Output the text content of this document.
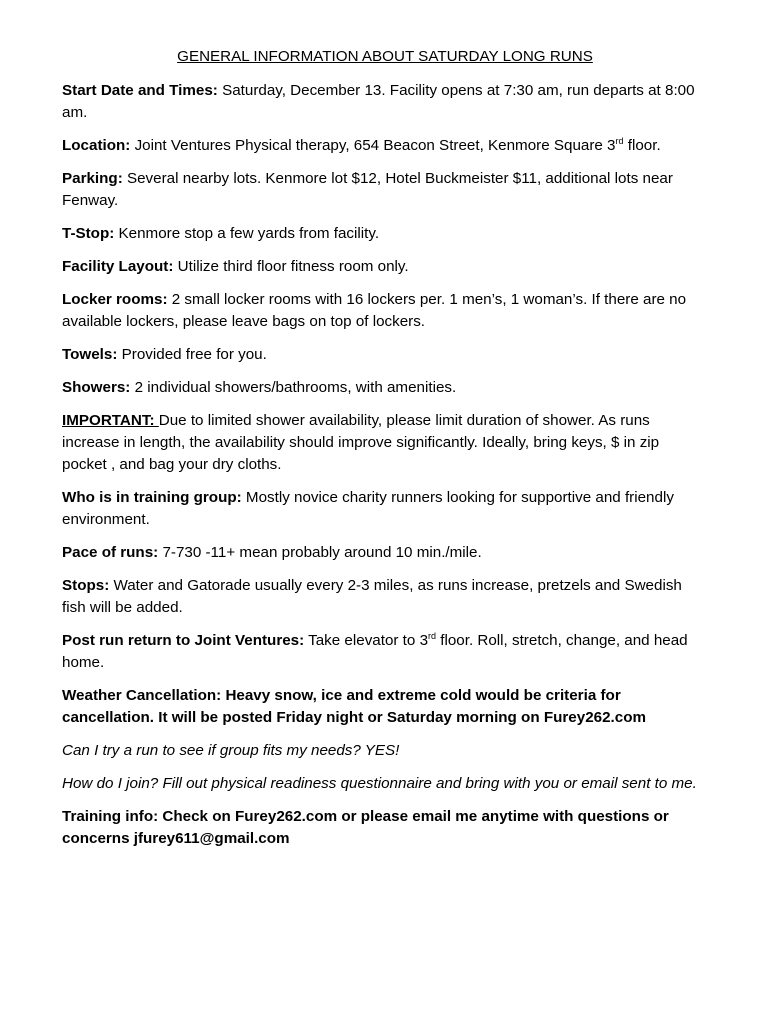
GENERAL INFORMATION ABOUT SATURDAY LONG RUNS

Start Date and Times: Saturday, December 13. Facility opens at 7:30 am, run departs at 8:00 am.

Location: Joint Ventures Physical therapy, 654 Beacon Street, Kenmore Square 3rd floor.

Parking: Several nearby lots. Kenmore lot $12, Hotel Buckmeister $11, additional lots near Fenway.

T-Stop: Kenmore stop a few yards from facility.

Facility Layout: Utilize third floor fitness room only.

Locker rooms: 2 small locker rooms with 16 lockers per. 1 men’s, 1 woman’s. If there are no available lockers, please leave bags on top of lockers.

Towels: Provided free for you.

Showers: 2 individual showers/bathrooms, with amenities.

IMPORTANT: Due to limited shower availability, please limit duration of shower. As runs increase in length, the availability should improve significantly. Ideally, bring keys, $ in zip pocket , and bag your dry cloths.

Who is in training group: Mostly novice charity runners looking for supportive and friendly environment.

Pace of runs: 7-730 -11+ mean probably around 10 min./mile.

Stops: Water and Gatorade usually every 2-3 miles, as runs increase, pretzels and Swedish fish will be added.

Post run return to Joint Ventures: Take elevator to 3rd floor. Roll, stretch, change, and head home.

Weather Cancellation: Heavy snow, ice and extreme cold would be criteria for cancellation. It will be posted Friday night or Saturday morning on Furey262.com

Can I try a run to see if group fits my needs? YES!

How do I join? Fill out physical readiness questionnaire and bring with you or email sent to me.

Training info: Check on Furey262.com or please email me anytime with questions or concerns jfurey611@gmail.com
